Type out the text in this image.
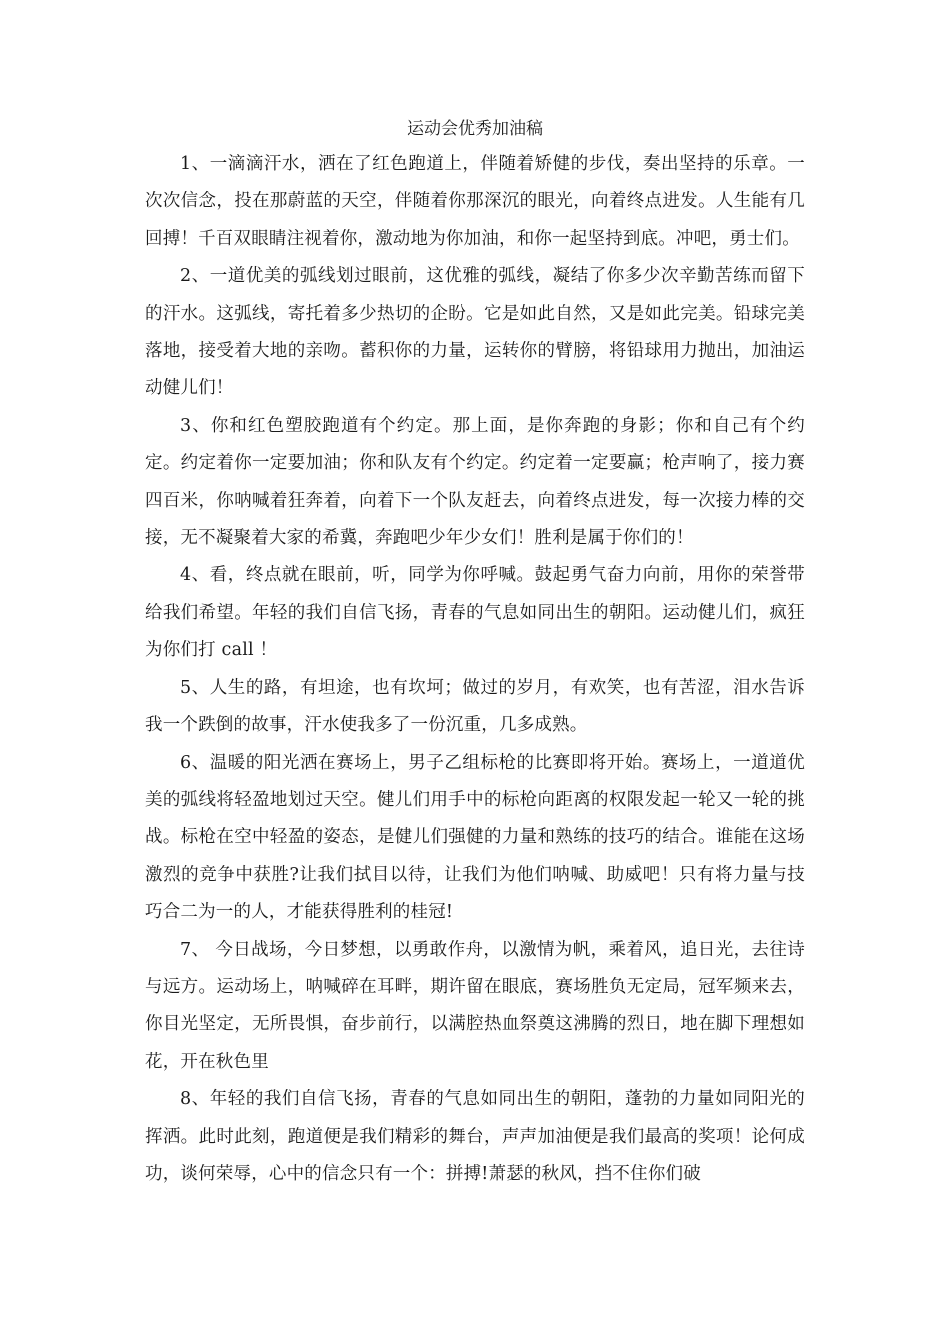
运动会优秀加油稿

1、一滴滴汗水，洒在了红色跑道上，伴随着矫健的步伐，奏出坚持的乐章。一次次信念，投在那蔚蓝的天空，伴随着你那深沉的眼光，向着终点进发。人生能有几回搏！千百双眼睛注视着你，激动地为你加油，和你一起坚持到底。冲吧，勇士们。

2、一道优美的弧线划过眼前，这优雅的弧线，凝结了你多少次辛勤苦练而留下的汗水。这弧线，寄托着多少热切的企盼。它是如此自然，又是如此完美。铅球完美落地，接受着大地的亲吻。蓄积你的力量，运转你的臂膀，将铅球用力抛出，加油运动健儿们！

3、你和红色塑胶跑道有个约定。那上面，是你奔跑的身影；你和自己有个约定。约定着你一定要加油；你和队友有个约定。约定着一定要赢；枪声响了，接力赛四百米，你呐喊着狂奔着，向着下一个队友赶去，向着终点进发，每一次接力棒的交接，无不凝聚着大家的希冀，奔跑吧少年少女们！胜利是属于你们的！

4、看，终点就在眼前，听，同学为你呼喊。鼓起勇气奋力向前，用你的荣誉带给我们希望。年轻的我们自信飞扬，青春的气息如同出生的朝阳。运动健儿们，疯狂为你们打 call ！

5、人生的路，有坦途，也有坎坷；做过的岁月，有欢笑，也有苦涩，泪水告诉我一个跌倒的故事，汗水使我多了一份沉重，几多成熟。

6、温暖的阳光洒在赛场上，男子乙组标枪的比赛即将开始。赛场上，一道道优美的弧线将轻盈地划过天空。健儿们用手中的标枪向距离的权限发起一轮又一轮的挑战。标枪在空中轻盈的姿态，是健儿们强健的力量和熟练的技巧的结合。谁能在这场激烈的竞争中获胜?让我们拭目以待，让我们为他们呐喊、助威吧！只有将力量与技巧合二为一的人，才能获得胜利的桂冠!

7、 今日战场，今日梦想，以勇敢作舟，以激情为帆，乘着风，追日光，去往诗与远方。运动场上，呐喊碎在耳畔，期许留在眼底，赛场胜负无定局，冠军频来去，你目光坚定，无所畏惧，奋步前行，以满腔热血祭奠这沸腾的烈日，地在脚下理想如花，开在秋色里

8、年轻的我们自信飞扬，青春的气息如同出生的朝阳，蓬勃的力量如同阳光的挥洒。此时此刻，跑道便是我们精彩的舞台，声声加油便是我们最高的奖项！论何成功，谈何荣辱，心中的信念只有一个：拼搏!萧瑟的秋风，挡不住你们破
